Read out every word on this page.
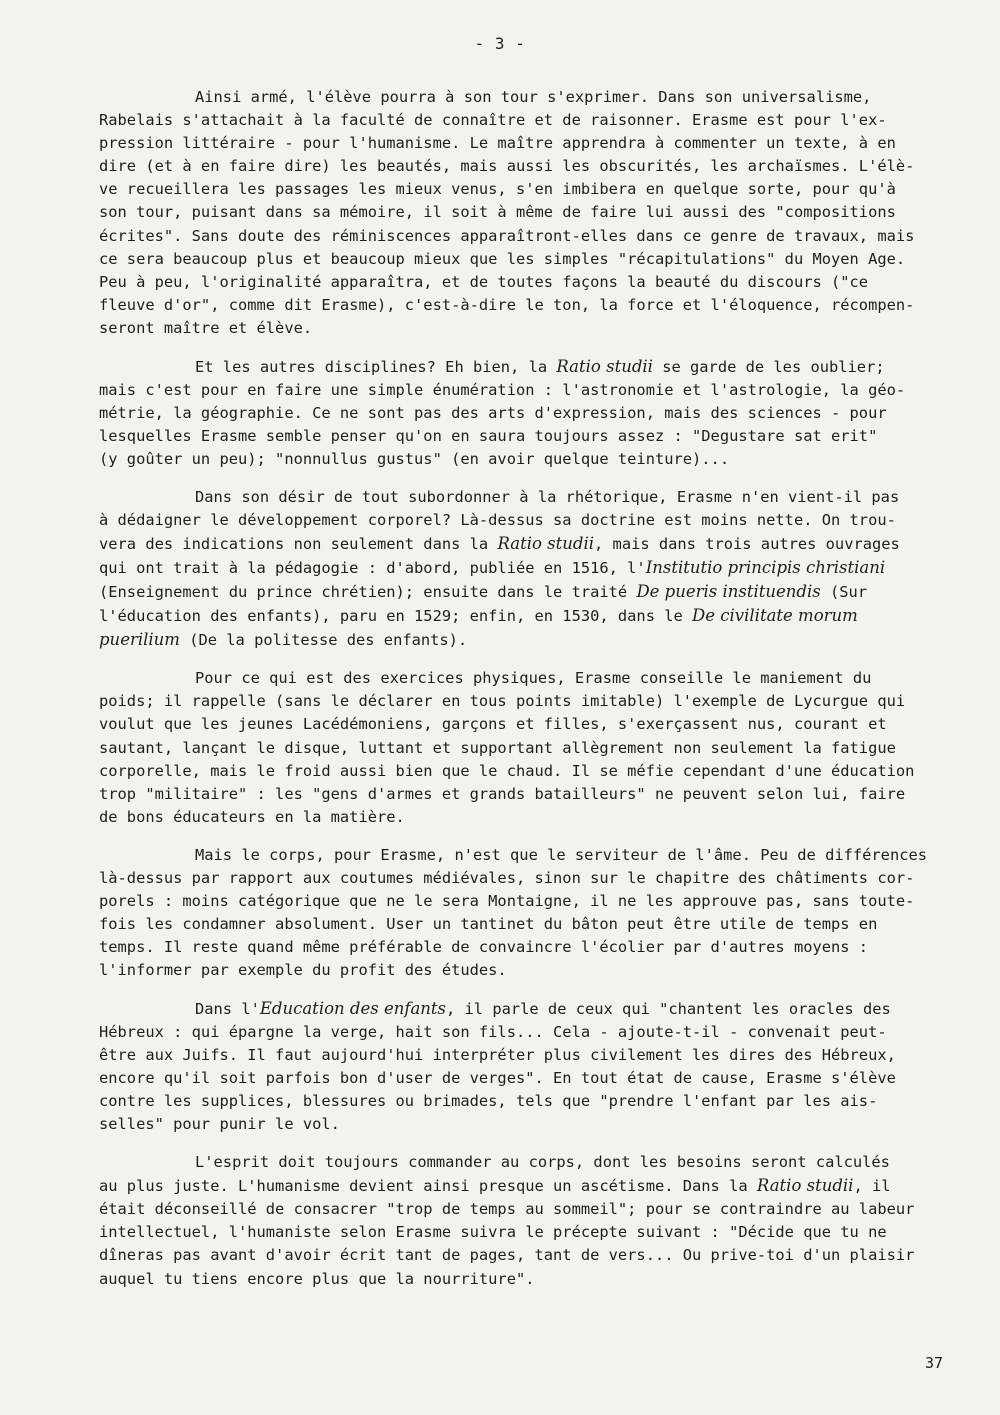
- 3 -
Ainsi armé, l'élève pourra à son tour s'exprimer. Dans son universalisme,
Rabelais s'attachait à la faculté de connaître et de raisonner. Erasme est pour l'ex-
pression littéraire - pour l'humanisme. Le maître apprendra à commenter un texte, à en
dire (et à en faire dire) les beautés, mais aussi les obscurités, les archaïsmes. L'élè-
ve recueillera les passages les mieux venus, s'en imbibera en quelque sorte, pour qu'à
son tour, puisant dans sa mémoire, il soit à même de faire lui aussi des "compositions
écrites". Sans doute des réminiscences apparaîtront-elles dans ce genre de travaux, mais
ce sera beaucoup plus et beaucoup mieux que les simples "récapitulations" du Moyen Age.
Peu à peu, l'originalité apparaîtra, et de toutes façons la beauté du discours ("ce
fleuve d'or", comme dit Erasme), c'est-à-dire le ton, la force et l'éloquence, récompen-
seront maître et élève.
Et les autres disciplines? Eh bien, la Ratio studii se garde de les oublier;
mais c'est pour en faire une simple énumération : l'astronomie et l'astrologie, la géo-
métrie, la géographie. Ce ne sont pas des arts d'expression, mais des sciences - pour
lesquelles Erasme semble penser qu'on en saura toujours assez : "Degustare sat erit"
(y goûter un peu); "nonnullus gustus" (en avoir quelque teinture)...
Dans son désir de tout subordonner à la rhétorique, Erasme n'en vient-il pas
à dédaigner le développement corporel? Là-dessus sa doctrine est moins nette. On trou-
vera des indications non seulement dans la Ratio studii, mais dans trois autres ouvrages
qui ont trait à la pédagogie : d'abord, publiée en 1516, l'Institutio principis christiani
(Enseignement du prince chrétien); ensuite dans le traité De pueris instituendis (Sur
l'éducation des enfants), paru en 1529; enfin, en 1530, dans le De civilitate morum
puerilium (De la politesse des enfants).
Pour ce qui est des exercices physiques, Erasme conseille le maniement du
poids; il rappelle (sans le déclarer en tous points imitable) l'exemple de Lycurgue qui
voulut que les jeunes Lacédémoniens, garçons et filles, s'exerçassent nus, courant et
sautant, lançant le disque, luttant et supportant allègrement non seulement la fatigue
corporelle, mais le froid aussi bien que le chaud. Il se méfie cependant d'une éducation
trop "militaire" : les "gens d'armes et grands batailleurs" ne peuvent selon lui, faire
de bons éducateurs en la matière.
Mais le corps, pour Erasme, n'est que le serviteur de l'âme. Peu de différences
là-dessus par rapport aux coutumes médiévales, sinon sur le chapitre des châtiments cor-
porels : moins catégorique que ne le sera Montaigne, il ne les approuve pas, sans toute-
fois les condamner absolument. User un tantinet du bâton peut être utile de temps en
temps. Il reste quand même préférable de convaincre l'écolier par d'autres moyens :
l'informer par exemple du profit des études.
Dans l'Education des enfants, il parle de ceux qui "chantent les oracles des
Hébreux : qui épargne la verge, hait son fils... Cela - ajoute-t-il - convenait peut-
être aux Juifs. Il faut aujourd'hui interpréter plus civilement les dires des Hébreux,
encore qu'il soit parfois bon d'user de verges". En tout état de cause, Erasme s'élève
contre les supplices, blessures ou brimades, tels que "prendre l'enfant par les ais-
selles" pour punir le vol.
L'esprit doit toujours commander au corps, dont les besoins seront calculés
au plus juste. L'humanisme devient ainsi presque un ascétisme. Dans la Ratio studii, il
était déconseillé de consacrer "trop de temps au sommeil"; pour se contraindre au labeur
intellectuel, l'humaniste selon Erasme suivra le précepte suivant : "Décide que tu ne
dîneras pas avant d'avoir écrit tant de pages, tant de vers... Ou prive-toi d'un plaisir
auquel tu tiens encore plus que la nourriture".
37
